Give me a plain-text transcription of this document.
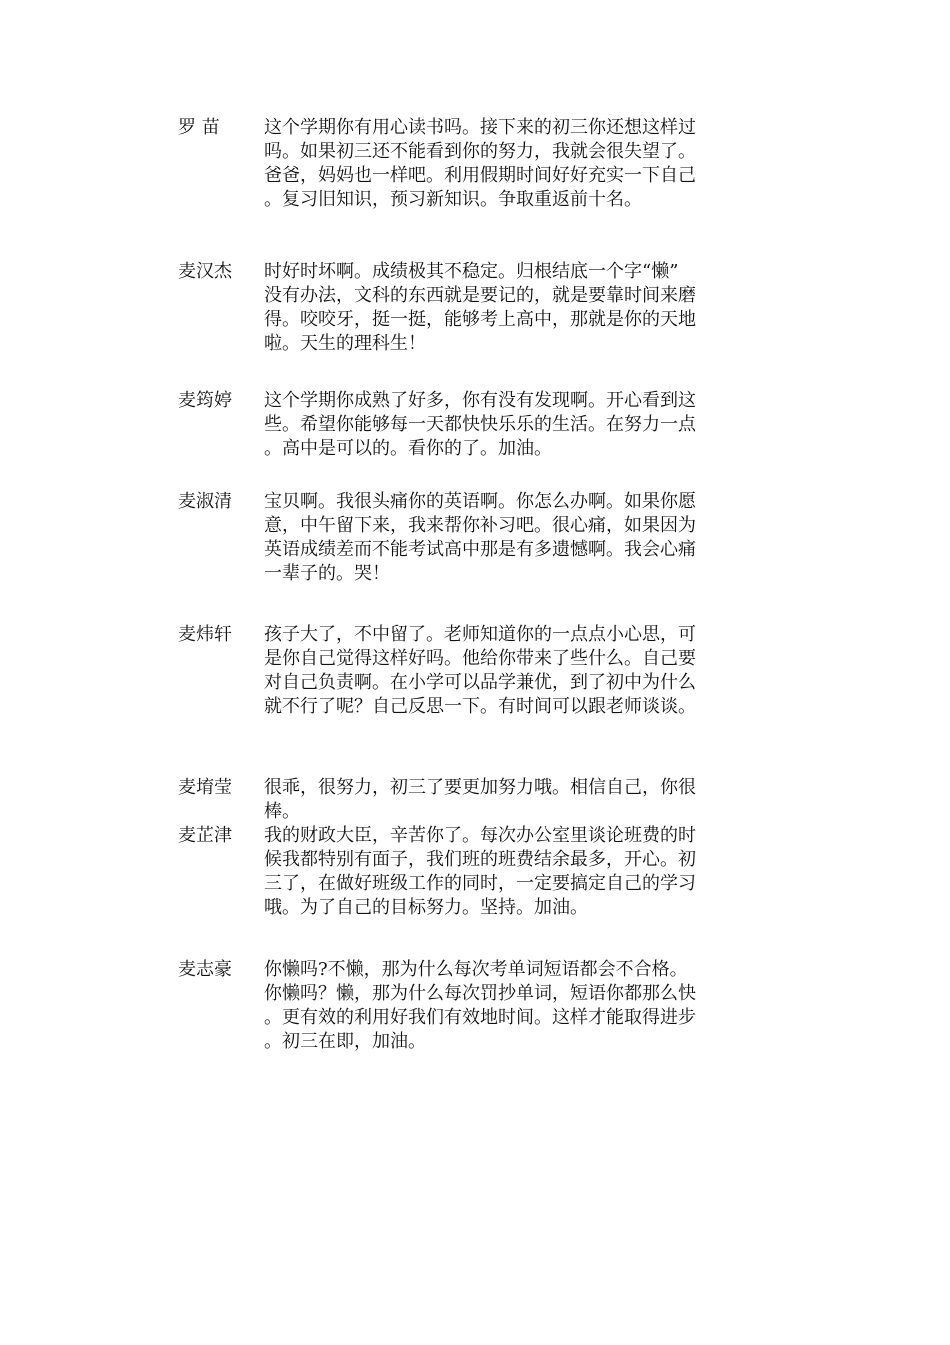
罗 苗	这个学期你有用心读书吗。接下来的初三你还想这样过
吗。如果初三还不能看到你的努力，我就会很失望了。
爸爸，妈妈也一样吧。利用假期时间好好充实一下自己
。复习旧知识，预习新知识。争取重返前十名。
麦汉杰	时好时坏啊。成绩极其不稳定。归根结底一个字“懒”
没有办法，文科的东西就是要记的，就是要靠时间来磨
得。咬咬牙，挺一挺，能够考上高中，那就是你的天地
啦。天生的理科生！
麦筠婷	这个学期你成熟了好多，你有没有发现啊。开心看到这
些。希望你能够每一天都快快乐乐的生活。在努力一点
。高中是可以的。看你的了。加油。
麦淑清	宝贝啊。我很头痛你的英语啊。你怎么办啊。如果你愿
意，中午留下来，我来帮你补习吧。很心痛，如果因为
英语成绩差而不能考试高中那是有多遗憾啊。我会心痛
一辈子的。哭！
麦炜轩	孩子大了，不中留了。老师知道你的一点点小心思，可
是你自己觉得这样好吗。他给你带来了些什么。自己要
对自己负责啊。在小学可以品学兼优，到了初中为什么
就不行了呢？自己反思一下。有时间可以跟老师谈谈。
麦堉莹	很乖，很努力，初三了要更加努力哦。相信自己，你很
棒。
麦芷津	我的财政大臣，辛苦你了。每次办公室里谈论班费的时
候我都特别有面子，我们班的班费结余最多，开心。初
三了，在做好班级工作的同时，一定要搞定自己的学习
哦。为了自己的目标努力。坚持。加油。
麦志豪	你懒吗?不懒，那为什么每次考单词短语都会不合格。
你懒吗？懒，那为什么每次罚抄单词，短语你都那么快
。更有效的利用好我们有效地时间。这样才能取得进步
。初三在即，加油。
